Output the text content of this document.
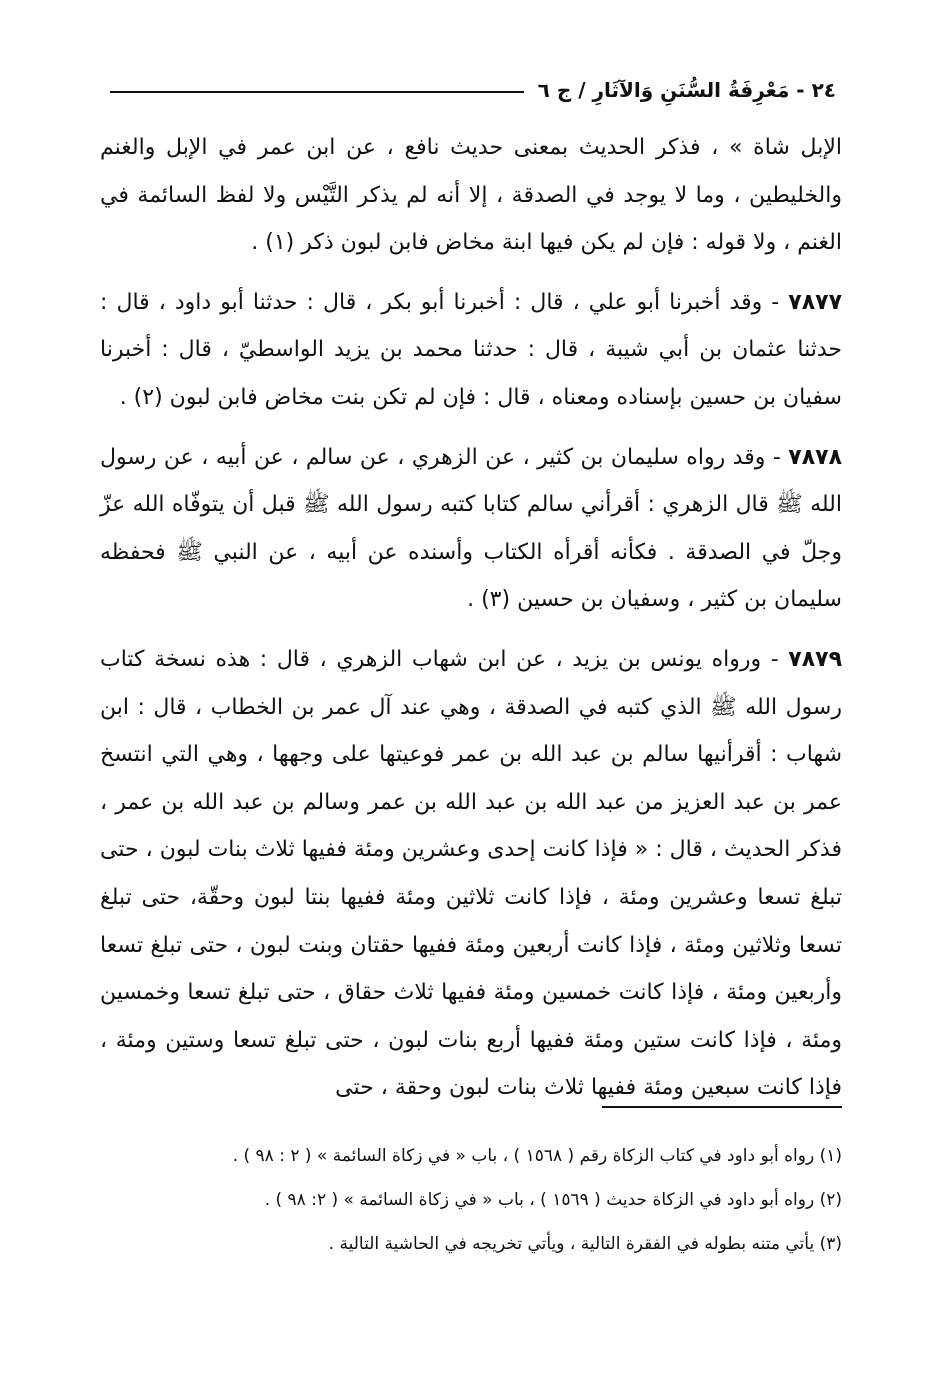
٢٤ - مَعْرِفَةُ السُّنَنِ وَالآثَارِ / ج ٦

الإبل شاة » ، فذكر الحديث بمعنى حديث نافع ، عن ابن عمر في الإبل والغنم والخليطين ، وما لا يوجد في الصدقة ، إلا أنه لم يذكر التَّيْس ولا لفظ السائمة في الغنم ، ولا قوله : فإن لم يكن فيها ابنة مخاض فابن لبون ذكر (١) .

٧٨٧٧ - وقد أخبرنا أبو علي ، قال : أخبرنا أبو بكر ، قال : حدثنا أبو داود ، قال : حدثنا عثمان بن أبي شيبة ، قال : حدثنا محمد بن يزيد الواسطيّ ، قال : أخبرنا سفيان بن حسين بإسناده ومعناه ، قال : فإن لم تكن بنت مخاض فابن لبون (٢) .

٧٨٧٨ - وقد رواه سليمان بن كثير ، عن الزهري ، عن سالم ، عن أبيه ، عن رسول الله ﷺ قال الزهري : أقرأني سالم كتابا كتبه رسول الله ﷺ قبل أن يتوفّاه الله عزّ وجلّ في الصدقة . فكأنه أقرأه الكتاب وأسنده عن أبيه ، عن النبي ﷺ فحفظه سليمان بن كثير ، وسفيان بن حسين (٣) .

٧٨٧٩ - ورواه يونس بن يزيد ، عن ابن شهاب الزهري ، قال : هذه نسخة كتاب رسول الله ﷺ الذي كتبه في الصدقة ، وهي عند آل عمر بن الخطاب ، قال : ابن شهاب : أقرأنيها سالم بن عبد الله بن عمر فوعيتها على وجهها ، وهي التي انتسخ عمر بن عبد العزيز من عبد الله بن عبد الله بن عمر وسالم بن عبد الله بن عمر ، فذكر الحديث ، قال : « فإذا كانت إحدى وعشرين ومئة ففيها ثلاث بنات لبون ، حتى تبلغ تسعا وعشرين ومئة ، فإذا كانت ثلاثين ومئة ففيها بنتا لبون وحقّة، حتى تبلغ تسعا وثلاثين ومئة ، فإذا كانت أربعين ومئة ففيها حقتان وبنت لبون ، حتى تبلغ تسعا وأربعين ومئة ، فإذا كانت خمسين ومئة ففيها ثلاث حقاق ، حتى تبلغ تسعا وخمسين ومئة ، فإذا كانت ستين ومئة ففيها أربع بنات لبون ، حتى تبلغ تسعا وستين ومئة ، فإذا كانت سبعين ومئة ففيها ثلاث بنات لبون وحقة ، حتى

(١) رواه أبو داود في كتاب الزكاة رقم ( ١٥٦٨ ) ، باب « في زكاة السائمة » ( ٢ : ٩٨ ) .

(٢) رواه أبو داود في الزكاة حديث ( ١٥٦٩ ) ، باب « في زكاة السائمة » ( ٢: ٩٨ ) .

(٣) يأتي متنه بطوله في الفقرة التالية ، ويأتي تخريجه في الحاشية التالية .
